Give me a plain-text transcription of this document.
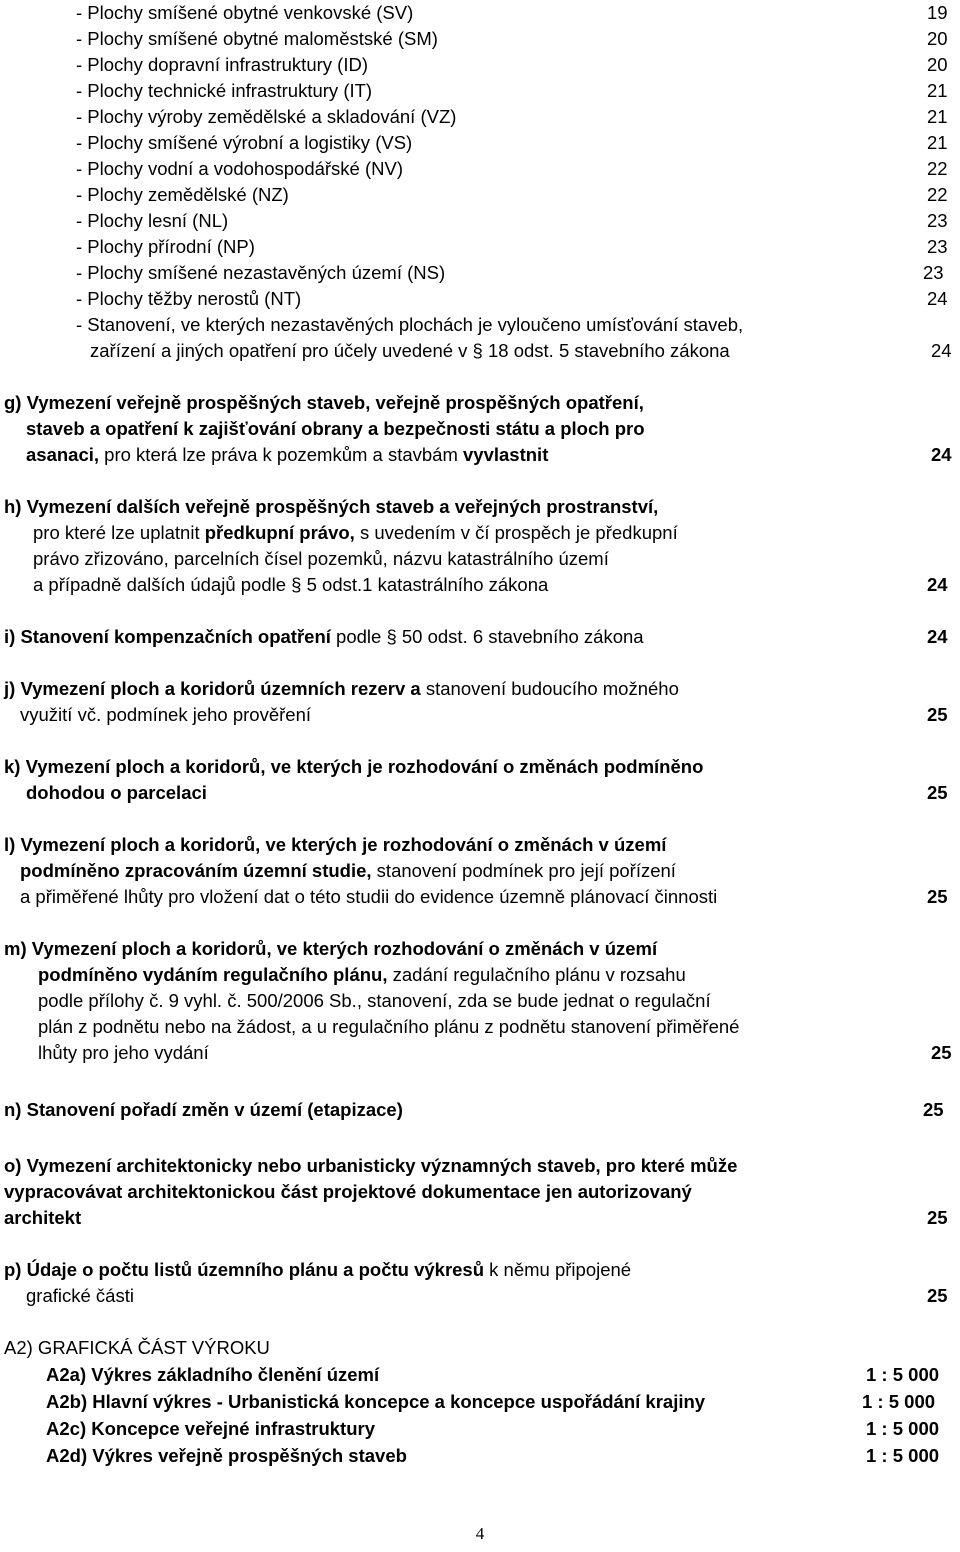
- Plochy smíšené obytné venkovské (SV)	19
- Plochy smíšené obytné maloměstské (SM)	20
- Plochy dopravní infrastruktury (ID)	20
- Plochy technické infrastruktury (IT)	21
- Plochy výroby zemědělské a skladování (VZ)	21
- Plochy smíšené výrobní a logistiky (VS)	21
- Plochy vodní a vodohospodářské (NV)	22
- Plochy zemědělské (NZ)	22
- Plochy lesní (NL)	23
- Plochy přírodní (NP)	23
- Plochy smíšené nezastavěných území (NS)	23
- Plochy těžby nerostů (NT)	24
- Stanovení, ve kterých nezastavěných plochách je vyloučeno umísťování staveb,
zařízení a jiných opatření pro účely uvedené v § 18 odst. 5 stavebního zákona	24
g) Vymezení veřejně prospěšných staveb, veřejně prospěšných opatření,
staveb a opatření k zajišťování obrany a bezpečnosti státu a ploch pro
asanaci, pro která lze práva k pozemkům a stavbám vyvlastnit	24
h) Vymezení dalších veřejně prospěšných staveb a veřejných prostranství,
pro které lze uplatnit předkupní právo, s uvedením v čí prospěch je předkupní
právo zřizováno, parcelních čísel pozemků, názvu katastrálního území
a případně dalších údajů podle § 5 odst.1 katastrálního zákona	24
i) Stanovení kompenzačních opatření podle § 50 odst. 6 stavebního zákona	24
j) Vymezení ploch a koridorů územních rezerv a stanovení budoucího možného
využití vč. podmínek jeho prověření	25
k) Vymezení ploch a koridorů, ve kterých je rozhodování o změnách podmíněno
dohodou o parcelaci	25
l) Vymezení ploch a koridorů, ve kterých je rozhodování o změnách v území
podmíněno zpracováním územní studie, stanovení podmínek pro její pořízení
a přiměřené lhůty pro vložení dat o této studii do evidence územně plánovací činnosti	25
m) Vymezení ploch a koridorů, ve kterých rozhodování o změnách v území
podmíněno vydáním regulačního plánu, zadání regulačního plánu v rozsahu
podle přílohy č. 9 vyhl. č. 500/2006 Sb., stanovení, zda se bude jednat o regulační
plán z podnětu nebo na žádost, a u regulačního plánu z podnětu stanovení přiměřené
lhůty pro jeho vydání	25
n) Stanovení pořadí změn v území (etapizace)	25
o) Vymezení architektonicky nebo urbanisticky významných staveb, pro které může
vypracovávat architektonickou část projektové dokumentace jen autorizovaný
architekt	25
p) Údaje o počtu listů územního plánu a počtu výkresů k němu připojené
grafické části	25
A2) GRAFICKÁ ČÁST VÝROKU
A2a) Výkres základního členění území	1 : 5 000
A2b) Hlavní výkres - Urbanistická koncepce a koncepce uspořádání krajiny	1 : 5 000
A2c) Koncepce veřejné infrastruktury	1 : 5 000
A2d) Výkres veřejně prospěšných staveb	1 : 5 000
4
